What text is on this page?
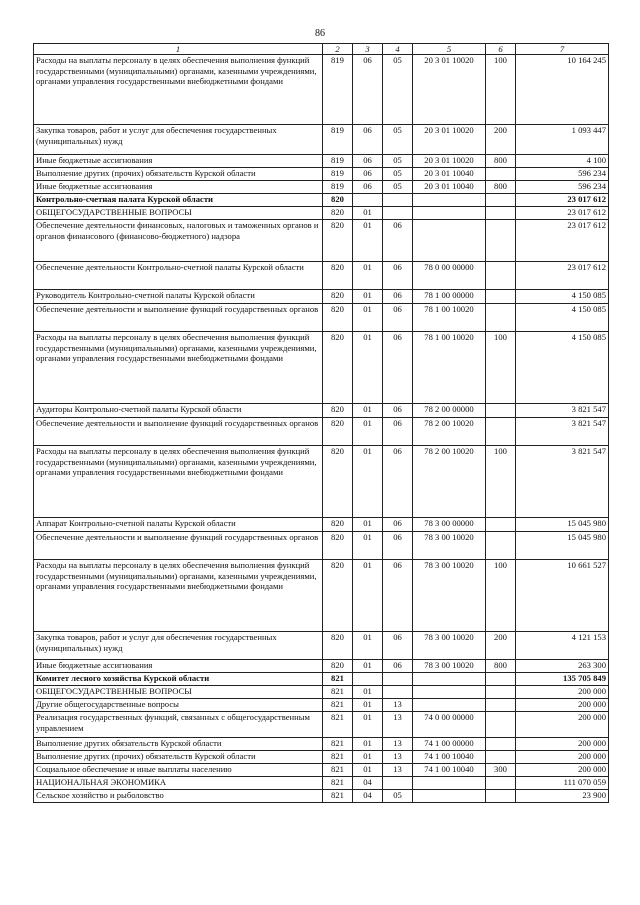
86
1	2	3	4	5	6	7
Расходы на выплаты персоналу в целях обеспечения выполнения функций государственными (муниципальными) органами, казенными учреждениями, органами управления государственными внебюджетными фондами	819	06	05	20 3 01 10020	100	10 164 245
Закупка товаров, работ и услуг для обеспечения государственных (муниципальных) нужд	819	06	05	20 3 01 10020	200	1 093 447
Иные бюджетные ассигнования	819	06	05	20 3 01 10020	800	4 100
Выполнение других (прочих) обязательств Курской области	819	06	05	20 3 01 10040		596 234
Иные бюджетные ассигнования	819	06	05	20 3 01 10040	800	596 234
Контрольно-счетная палата Курской области	820					23 017 612
ОБЩЕГОСУДАРСТВЕННЫЕ ВОПРОСЫ	820	01				23 017 612
Обеспечение деятельности финансовых, налоговых и таможенных органов и органов финансового (финансово-бюджетного) надзора	820	01	06			23 017 612
Обеспечение деятельности Контрольно-счетной палаты Курской области	820	01	06	78 0 00 00000		23 017 612
Руководитель Контрольно-счетной палаты Курской области	820	01	06	78 1 00 00000		4 150 085
Обеспечение деятельности и выполнение функций государственных органов	820	01	06	78 1 00 10020		4 150 085
Расходы на выплаты персоналу в целях обеспечения выполнения функций государственными (муниципальными) органами, казенными учреждениями, органами управления государственными внебюджетными фондами	820	01	06	78 1 00 10020	100	4 150 085
Аудиторы Контрольно-счетной палаты Курской области	820	01	06	78 2 00 00000		3 821 547
Обеспечение деятельности и выполнение функций государственных органов	820	01	06	78 2 00 10020		3 821 547
Расходы на выплаты персоналу в целях обеспечения выполнения функций государственными (муниципальными) органами, казенными учреждениями, органами управления государственными внебюджетными фондами	820	01	06	78 2 00 10020	100	3 821 547
Аппарат Контрольно-счетной палаты Курской области	820	01	06	78 3 00 00000		15 045 980
Обеспечение деятельности и выполнение функций государственных органов	820	01	06	78 3 00 10020		15 045 980
Расходы на выплаты персоналу в целях обеспечения выполнения функций государственными (муниципальными) органами, казенными учреждениями, органами управления государственными внебюджетными фондами	820	01	06	78 3 00 10020	100	10 661 527
Закупка товаров, работ и услуг для обеспечения государственных (муниципальных) нужд	820	01	06	78 3 00 10020	200	4 121 153
Иные бюджетные ассигнования	820	01	06	78 3 00 10020	800	263 300
Комитет лесного хозяйства Курской области	821					135 705 849
ОБЩЕГОСУДАРСТВЕННЫЕ ВОПРОСЫ	821	01				200 000
Другие общегосударственные вопросы	821	01	13			200 000
Реализация государственных функций, связанных с общегосударственным управлением	821	01	13	74 0 00 00000		200 000
Выполнение других обязательств Курской области	821	01	13	74 1 00 00000		200 000
Выполнение других (прочих) обязательств Курской области	821	01	13	74 1 00 10040		200 000
Социальное обеспечение и иные выплаты населению	821	01	13	74 1 00 10040	300	200 000
НАЦИОНАЛЬНАЯ ЭКОНОМИКА	821	04				111 070 059
Сельское хозяйство и рыболовство	821	04	05			23 900
